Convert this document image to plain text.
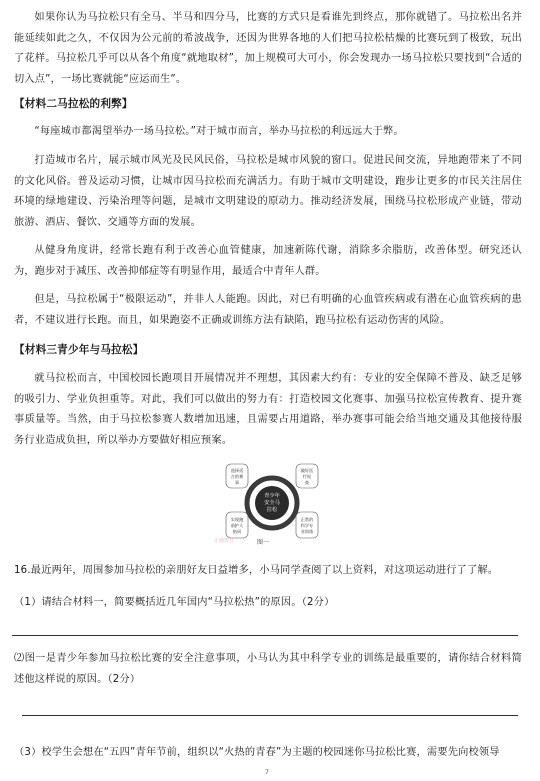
如果你认为马拉松只有全马、半马和四分马，比赛的方式只是看谁先到终点，那你就错了。马拉松出名并能延续如此之久，不仅因为公元前的希波战争，还因为世界各地的人们把马拉松枯燥的比赛玩到了极致，玩出了花样。马拉松几乎可以从各个角度“就地取材”，加上规模可大可小，你会发现办一场马拉松只要找到“合适的切入点”，一场比赛就能“应运而生”。

【材料二马拉松的利弊】

“每座城市都渴望举办一场马拉松。”对于城市而言，举办马拉松的利远远大于弊。

打造城市名片，展示城市风光及民风民俗，马拉松是城市风貌的窗口。促进民间交流，异地跑带来了不同的文化风俗。普及运动习惯，让城市因马拉松而充满活力。有助于城市文明建设，跑步让更多的市民关注居住环境的绿地建设、污染治理等问题，是城市文明建设的原动力。推动经济发展，围绕马拉松形成产业链，带动旅游、酒店、餐饮、交通等方面的发展。

从健身角度讲，经常长跑有利于改善心血管健康，加速新陈代谢，消除多余脂肪，改善体型。研究还认为，跑步对于减压、改善抑郁症等有明显作用，最适合中青年人群。

但是，马拉松属于“极限运动”，并非人人能跑。因此，对已有明确的心血管疾病或有潜在心血管疾病的患者，不建议进行长跑。而且，如果跑姿不正确或训练方法有缺陷，跑马拉松有运动伤害的风险。

【材料三青少年与马拉松】

就马拉松而言，中国校园长跑项目开展情况并不理想，其因素大约有：专业的安全保障不普及、缺乏足够的吸引力、学业负担重等。对此，我们可以做出的努力有：打造校园文化赛事、加强马拉松宣传教育、提升赛事质量等。当然，由于马拉松参赛人数增加迅速，且需要占用道路，举办赛事可能会给当地交通及其他接待服务行业造成负担，所以举办方要做好相应预案。

青少年
安全马
拉松
选择适
合的赛
事
做好医
疗检
查
实现跑
前护人
陪同
正常的
科学专
业训练
正确教育	图一

16.最近两年，周围参加马拉松的亲朋好友日益增多，小马同学查阅了以上资料，对这项运动进行了了解。

（1）请结合材料一，简要概括近几年国内“马拉松热”的原因。（2分）

⑵图一是青少年参加马拉松比赛的安全注意事项，小马认为其中科学专业的训练是最重要的，请你结合材料简述他这样说的原因。（2分）

（3）校学生会想在“五四”青年节前，组织以“火热的青春”为主题的校园迷你马拉松比赛，需要先向校领导

7
